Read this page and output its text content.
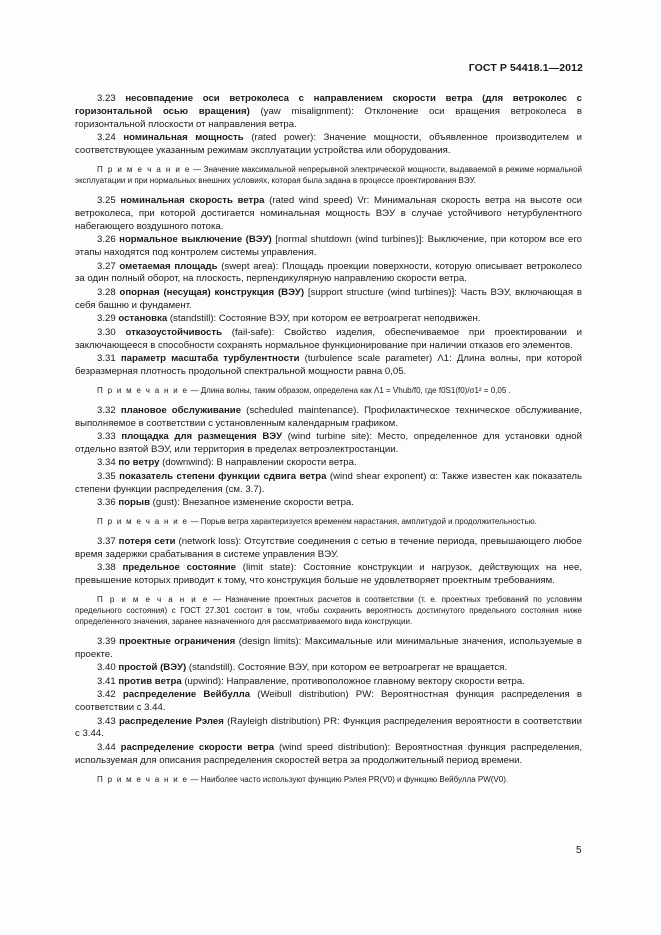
ГОСТ Р 54418.1—2012

3.23 несовпадение оси ветроколеса с направлением скорости ветра (для ветроколес с горизонтальной осью вращения) (yaw misalignment): Отклонение оси вращения ветроколеса в горизонтальной плоскости от направления ветра.

3.24 номинальная мощность (rated power): Значение мощности, объявленное производителем и соответствующее указанным режимам эксплуатации устройства или оборудования.

П р и м е ч а н и е — Значение максимальной непрерывной электрической мощности, выдаваемой в режиме нормальной эксплуатации и при нормальных внешних условиях, которая была задана в процессе проектирования ВЭУ.

3.25 номинальная скорость ветра (rated wind speed) Vr: Минимальная скорость ветра на высоте оси ветроколеса, при которой достигается номинальная мощность ВЭУ в случае устойчивого нетурбулентного набегающего воздушного потока.

3.26 нормальное выключение (ВЭУ) [normal shutdown (wind turbines)]: Выключение, при котором все его этапы находятся под контролем системы управления.

3.27 ометаемая площадь (swept area): Площадь проекции поверхности, которую описывает ветроколесо за один полный оборот, на плоскость, перпендикулярную направлению скорости ветра.

3.28 опорная (несущая) конструкция (ВЭУ) [support structure (wind turbines)]: Часть ВЭУ, включающая в себя башню и фундамент.

3.29 остановка (standstill): Состояние ВЭУ, при котором ее ветроагрегат неподвижен.

3.30 отказоустойчивость (fail-safe): Свойство изделия, обеспечиваемое при проектировании и заключающееся в способности сохранять нормальное функционирование при наличии отказов его элементов.

3.31 параметр масштаба турбулентности (turbulence scale parameter) Λ1: Длина волны, при которой безразмерная плотность продольной спектральной мощности равна 0,05.

П р и м е ч а н и е — Длина волны, таким образом, определена как Λ1 = Vhub/f0, где f0S1(f0)/σ1² = 0,05 .

3.32 плановое обслуживание (scheduled maintenance). Профилактическое техническое обслуживание, выполняемое в соответствии с установленным календарным графиком.

3.33 площадка для размещения ВЭУ (wind turbine site): Место, определенное для установки одной отдельно взятой ВЭУ, или территория в пределах ветроэлектростанции.

3.34 по ветру (downwind): В направлении скорости ветра.

3.35 показатель степени функции сдвига ветра (wind shear exponent) α: Также известен как показатель степени функции распределения (см. 3.7).

3.36 порыв (gust): Внезапное изменение скорости ветра.

П р и м е ч а н и е — Порыв ветра характеризуется временем нарастания, амплитудой и продолжительностью.

3.37 потеря сети (network loss): Отсутствие соединения с сетью в течение периода, превышающего любое время задержки срабатывания в системе управления ВЭУ.

3.38 предельное состояние (limit state): Состояние конструкции и нагрузок, действующих на нее, превышение которых приводит к тому, что конструкция больше не удовлетворяет проектным требованиям.

П р и м е ч а н и е — Назначение проектных расчетов в соответствии (т. е. проектных требований по условиям предельного состояния) с ГОСТ 27.301 состоит в том, чтобы сохранить вероятность достигнутого предельного состояния ниже определенного значения, заранее назначенного для рассматриваемого вида конструкции.

3.39 проектные ограничения (design limits): Максимальные или минимальные значения, используемые в проекте.

3.40 простой (ВЭУ) (standstill). Состояние ВЭУ, при котором ее ветроагрегат не вращается.

3.41 против ветра (upwind): Направление, противоположное главному вектору скорости ветра.

3.42 распределение Вейбулла (Weibull distribution) PW: Вероятностная функция распределения в соответствии с 3.44.

3.43 распределение Рэлея (Rayleigh distribution) PR: Функция распределения вероятности в соответствии с 3.44.

3.44 распределение скорости ветра (wind speed distribution): Вероятностная функция распределения, используемая для описания распределения скоростей ветра за продолжительный период времени.

П р и м е ч а н и е — Наиболее часто используют функцию Рэлея PR(V0) и функцию Вейбулла PW(V0).

5
